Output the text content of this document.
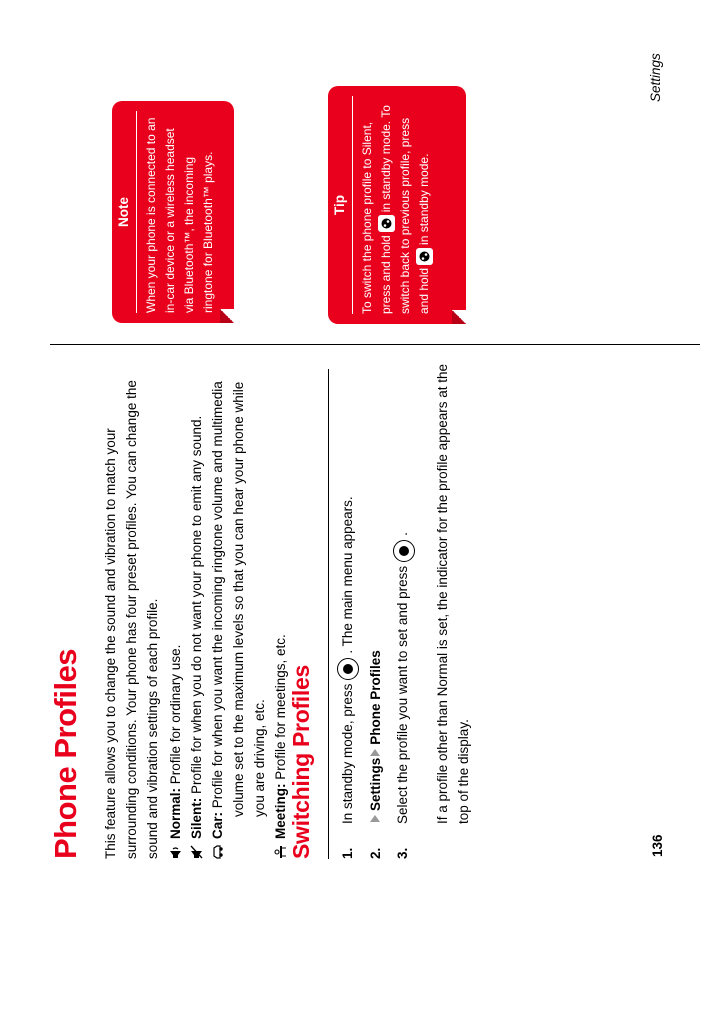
Phone Profiles This feature allows you to change the sound and vibration to match your surrounding conditions. Your phone has four preset profiles. You can change the sound and vibration settings of each profile. Normal: Profile for ordinary use.
Silent: Profile for when you do not want your phone to emit any sound.
Car: Profile for when you want the incoming ringtone volume and multimedia volume set to the maximum levels so that you can hear your phone while you are driving, etc. Meeting: Profile for meetings, etc. Switching Profiles 1.
In standby mode, press. The main menu appears.
2.
SettingsPhone Profiles
3.
Select the profile you want to set and press.	If a profile other than Normal is set, the indicator for the profile appears at the top of the display.

Note	When your phone is connected to an in-car device or a wireless headset via Bluetooth™, the incoming ringtone for Bluetooth™ plays.	Tip	To switch the phone profile to Silent, press and hold
in standby mode. To switch back to previous profile, press and hold
in standby mode.

136

Settings
